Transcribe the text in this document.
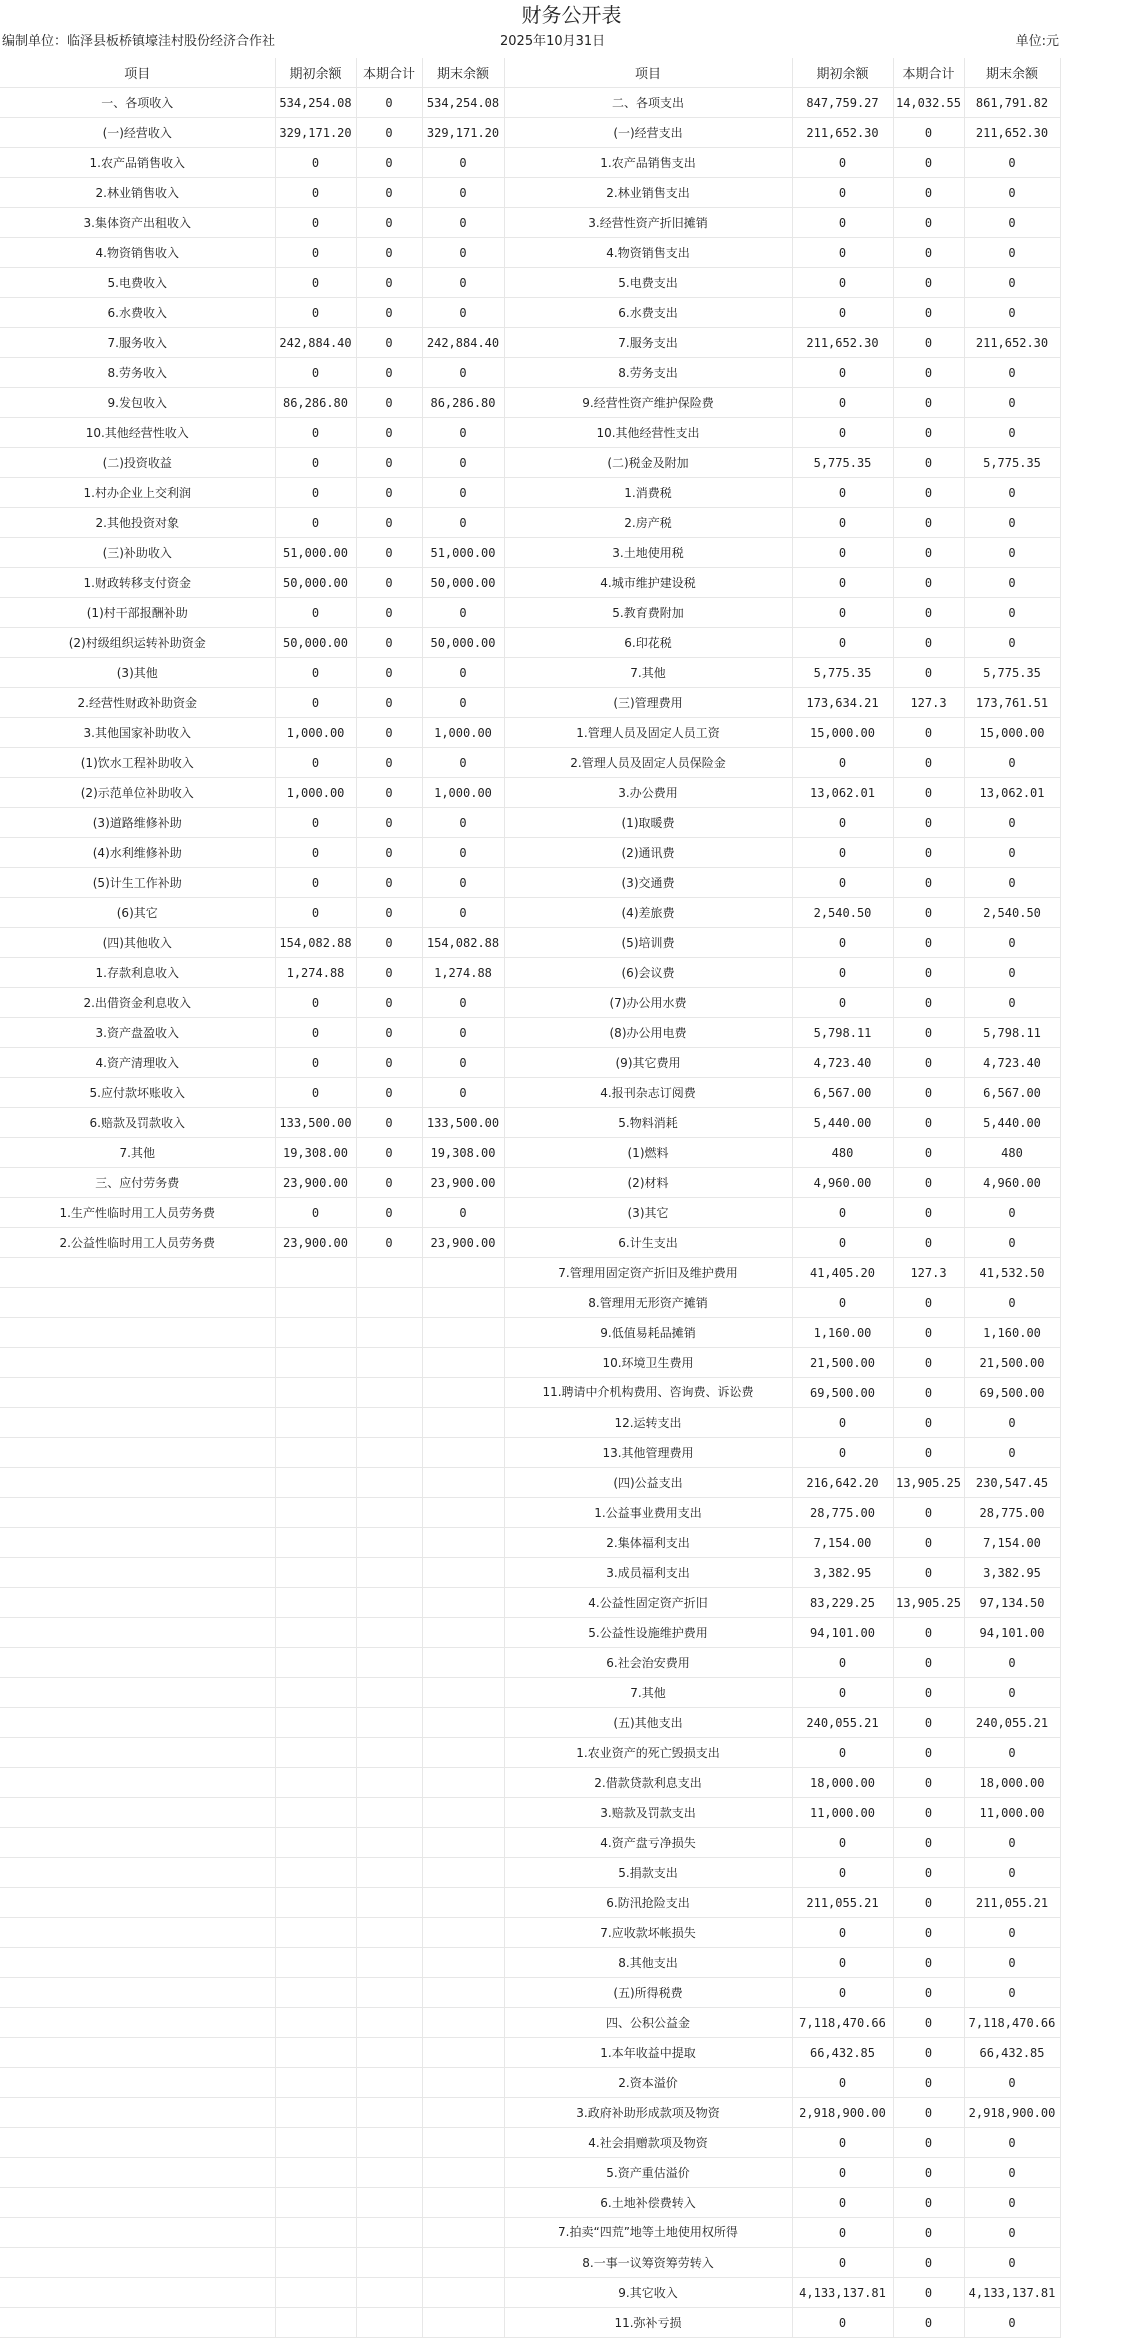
财务公开表
编制单位：临泽县板桥镇壕洼村股份经济合作社	2025年10月31日	单位:元
项目	期初余额	本期合计	期末余额	项目	期初余额	本期合计	期末余额
一、各项收入	534,254.08	0	534,254.08	二、各项支出	847,759.27	14,032.55	861,791.82
(一)经营收入	329,171.20	0	329,171.20	(一)经营支出	211,652.30	0	211,652.30
1.农产品销售收入	0	0	0	1.农产品销售支出	0	0	0
2.林业销售收入	0	0	0	2.林业销售支出	0	0	0
3.集体资产出租收入	0	0	0	3.经营性资产折旧摊销	0	0	0
4.物资销售收入	0	0	0	4.物资销售支出	0	0	0
5.电费收入	0	0	0	5.电费支出	0	0	0
6.水费收入	0	0	0	6.水费支出	0	0	0
7.服务收入	242,884.40	0	242,884.40	7.服务支出	211,652.30	0	211,652.30
8.劳务收入	0	0	0	8.劳务支出	0	0	0
9.发包收入	86,286.80	0	86,286.80	9.经营性资产维护保险费	0	0	0
10.其他经营性收入	0	0	0	10.其他经营性支出	0	0	0
(二)投资收益	0	0	0	(二)税金及附加	5,775.35	0	5,775.35
1.村办企业上交利润	0	0	0	1.消费税	0	0	0
2.其他投资对象	0	0	0	2.房产税	0	0	0
(三)补助收入	51,000.00	0	51,000.00	3.土地使用税	0	0	0
1.财政转移支付资金	50,000.00	0	50,000.00	4.城市维护建设税	0	0	0
(1)村干部报酬补助	0	0	0	5.教育费附加	0	0	0
(2)村级组织运转补助资金	50,000.00	0	50,000.00	6.印花税	0	0	0
(3)其他	0	0	0	7.其他	5,775.35	0	5,775.35
2.经营性财政补助资金	0	0	0	(三)管理费用	173,634.21	127.3	173,761.51
3.其他国家补助收入	1,000.00	0	1,000.00	1.管理人员及固定人员工资	15,000.00	0	15,000.00
(1)饮水工程补助收入	0	0	0	2.管理人员及固定人员保险金	0	0	0
(2)示范单位补助收入	1,000.00	0	1,000.00	3.办公费用	13,062.01	0	13,062.01
(3)道路维修补助	0	0	0	(1)取暖费	0	0	0
(4)水利维修补助	0	0	0	(2)通讯费	0	0	0
(5)计生工作补助	0	0	0	(3)交通费	0	0	0
(6)其它	0	0	0	(4)差旅费	2,540.50	0	2,540.50
(四)其他收入	154,082.88	0	154,082.88	(5)培训费	0	0	0
1.存款利息收入	1,274.88	0	1,274.88	(6)会议费	0	0	0
2.出借资金利息收入	0	0	0	(7)办公用水费	0	0	0
3.资产盘盈收入	0	0	0	(8)办公用电费	5,798.11	0	5,798.11
4.资产清理收入	0	0	0	(9)其它费用	4,723.40	0	4,723.40
5.应付款坏账收入	0	0	0	4.报刊杂志订阅费	6,567.00	0	6,567.00
6.赔款及罚款收入	133,500.00	0	133,500.00	5.物料消耗	5,440.00	0	5,440.00
7.其他	19,308.00	0	19,308.00	(1)燃料	480	0	480
三、应付劳务费	23,900.00	0	23,900.00	(2)材料	4,960.00	0	4,960.00
1.生产性临时用工人员劳务费	0	0	0	(3)其它	0	0	0
2.公益性临时用工人员劳务费	23,900.00	0	23,900.00	6.计生支出	0	0	0
				7.管理用固定资产折旧及维护费用	41,405.20	127.3	41,532.50
				8.管理用无形资产摊销	0	0	0
				9.低值易耗品摊销	1,160.00	0	1,160.00
				10.环境卫生费用	21,500.00	0	21,500.00
				11.聘请中介机构费用、咨询费、诉讼费	69,500.00	0	69,500.00
				12.运转支出	0	0	0
				13.其他管理费用	0	0	0
				(四)公益支出	216,642.20	13,905.25	230,547.45
				1.公益事业费用支出	28,775.00	0	28,775.00
				2.集体福利支出	7,154.00	0	7,154.00
				3.成员福利支出	3,382.95	0	3,382.95
				4.公益性固定资产折旧	83,229.25	13,905.25	97,134.50
				5.公益性设施维护费用	94,101.00	0	94,101.00
				6.社会治安费用	0	0	0
				7.其他	0	0	0
				(五)其他支出	240,055.21	0	240,055.21
				1.农业资产的死亡毁损支出	0	0	0
				2.借款贷款利息支出	18,000.00	0	18,000.00
				3.赔款及罚款支出	11,000.00	0	11,000.00
				4.资产盘亏净损失	0	0	0
				5.捐款支出	0	0	0
				6.防汛抢险支出	211,055.21	0	211,055.21
				7.应收款坏帐损失	0	0	0
				8.其他支出	0	0	0
				(五)所得税费	0	0	0
				四、公积公益金	7,118,470.66	0	7,118,470.66
				1.本年收益中提取	66,432.85	0	66,432.85
				2.资本溢价	0	0	0
				3.政府补助形成款项及物资	2,918,900.00	0	2,918,900.00
				4.社会捐赠款项及物资	0	0	0
				5.资产重估溢价	0	0	0
				6.土地补偿费转入	0	0	0
				7.拍卖“四荒”地等土地使用权所得	0	0	0
				8.一事一议筹资筹劳转入	0	0	0
				9.其它收入	4,133,137.81	0	4,133,137.81
				11.弥补亏损	0	0	0
